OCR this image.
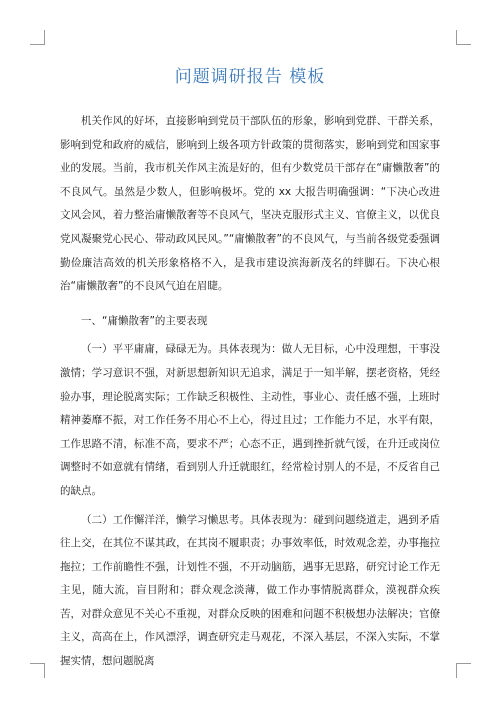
问题调研报告 模板

机关作风的好坏，直接影响到党员干部队伍的形象，影响到党群、干群关系，影响到党和政府的威信，影响到上级各项方针政策的贯彻落实，影响到党和国家事业的发展。当前，我市机关作风主流是好的，但有少数党员干部存在“庸懒散奢”的不良风气。虽然是少数人，但影响极坏。党的 xx 大报告明确强调：“下决心改进文风会风，着力整治庸懒散奢等不良风气，坚决克服形式主义、官僚主义，以优良党风凝聚党心民心、带动政风民风。”“庸懒散奢”的不良风气，与当前各级党委强调勤俭廉洁高效的机关形象格格不入，是我市建设滨海新茂名的绊脚石。下决心根治“庸懒散奢”的不良风气迫在眉睫。

一、“庸懒散奢”的主要表现

（一）平平庸庸，碌碌无为。具体表现为：做人无目标，心中没理想，干事没激情；学习意识不强，对新思想新知识无追求，满足于一知半解，摆老资格，凭经验办事，理论脱离实际；工作缺乏积极性、主动性，事业心、责任感不强，上班时精神萎靡不振，对工作任务不用心不上心，得过且过；工作能力不足，水平有限，工作思路不清，标准不高，要求不严；心态不正，遇到挫折就气馁，在升迁或岗位调整时不如意就有情绪，看到别人升迁就眼红，经常检讨别人的不是，不反省自己的缺点。

（二）工作懈洋洋，懒学习懒思考。具体表现为：碰到问题绕道走，遇到矛盾往上交，在其位不谋其政，在其岗不履职责；办事效率低，时效观念差，办事拖拉拖拉；工作前瞻性不强，计划性不强，不开动脑筋，遇事无思路，研究讨论工作无主见，随大流，盲目附和；群众观念淡薄，做工作办事情脱离群众，漠视群众疾苦，对群众意见不关心不重视，对群众反映的困难和问题不积极想办法解决；官僚主义，高高在上，作风漂浮，调查研究走马观花，不深入基层，不深入实际，不掌握实情，想问题脱离
